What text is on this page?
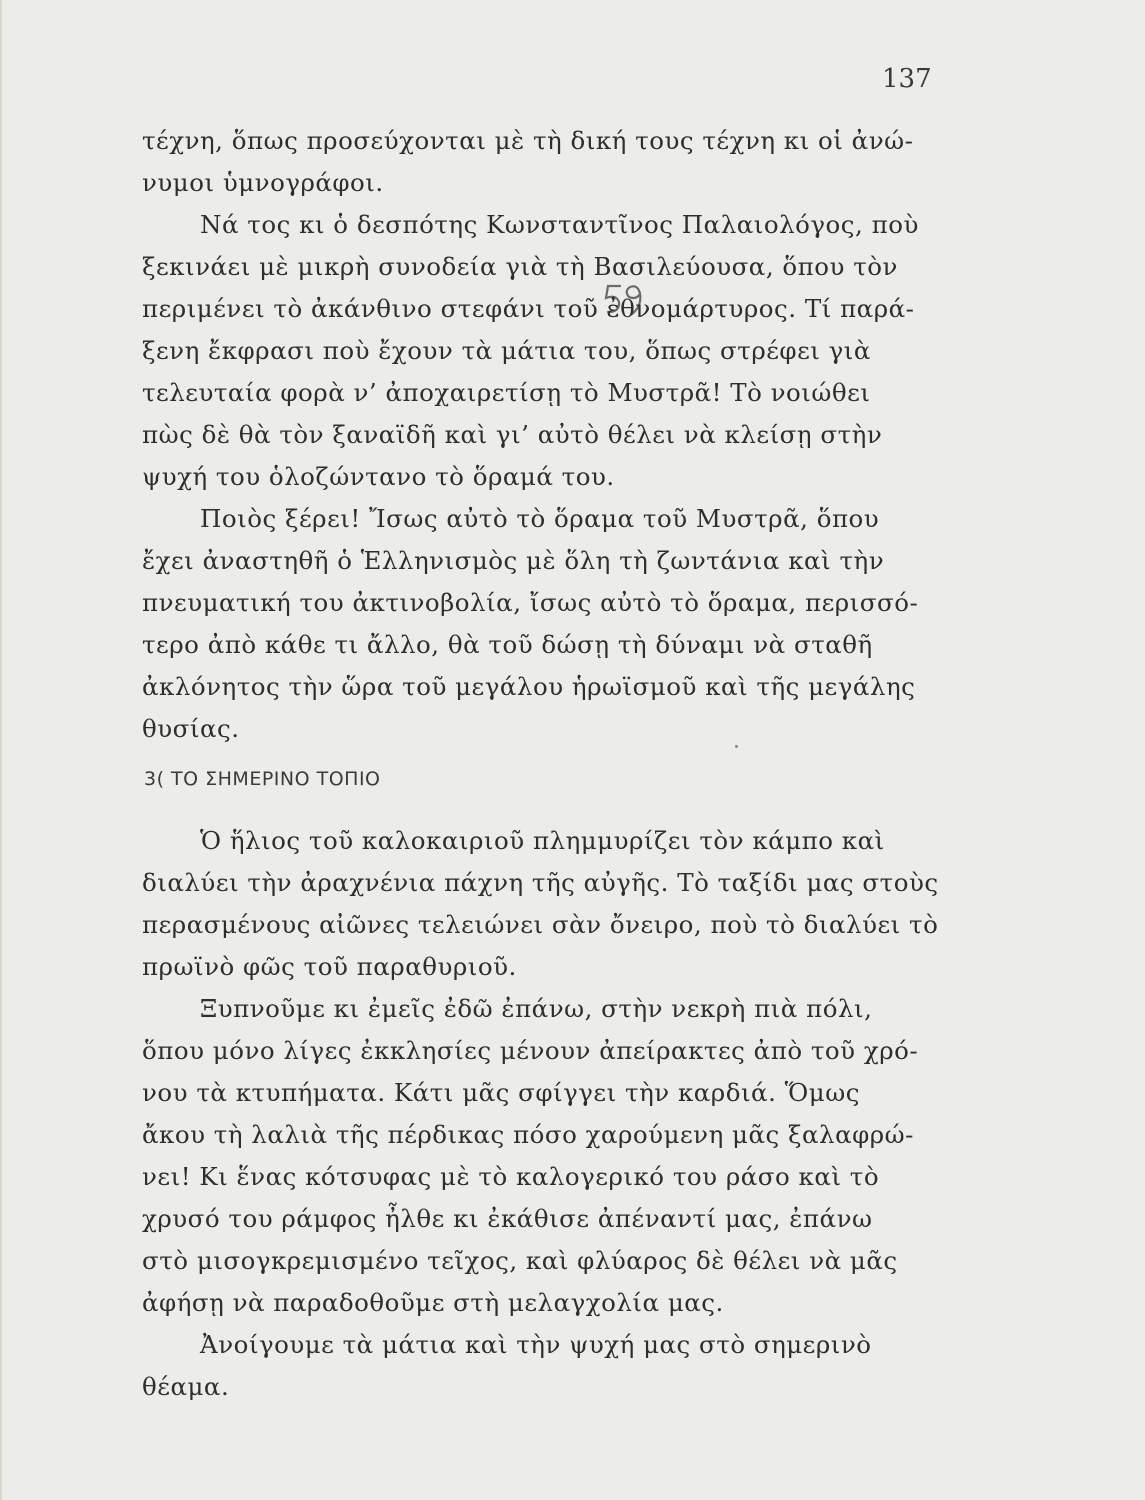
137
τέχνη, ὅπως προσεύχονται μὲ τὴ δική τους τέχνη κι οἱ ἀνώ-
νυμοι ὑμνογράφοι.
Νά τος κι ὁ δεσπότης Κωνσταντῖνος Παλαιολόγος, ποὺ
ξεκινάει μὲ μικρὴ συνοδεία γιὰ τὴ Βασιλεύουσα, ὅπου τὸν
περιμένει τὸ ἀκάνθινο στεφάνι τοῦ ἐθνομάρτυρος. Τί παρά-
ξενη ἔκφρασι ποὺ ἔχουν τὰ μάτια του, ὅπως στρέφει γιὰ
τελευταία φορὰ ν’ ἀποχαιρετίσῃ τὸ Μυστρᾶ! Τὸ νοιώθει
πὼς δὲ θὰ τὸν ξαναϊδῆ καὶ γι’ αὐτὸ θέλει νὰ κλείσῃ στὴν
ψυχή του ὁλοζώντανο τὸ ὅραμά του.
Ποιὸς ξέρει! Ἴσως αὐτὸ τὸ ὅραμα τοῦ Μυστρᾶ, ὅπου
ἔχει ἀναστηθῆ ὁ Ἑλληνισμὸς μὲ ὅλη τὴ ζωντάνια καὶ τὴν
πνευματική του ἀκτινοβολία, ἴσως αὐτὸ τὸ ὅραμα, περισσό-
τερο ἀπὸ κάθε τι ἄλλο, θὰ τοῦ δώσῃ τὴ δύναμι νὰ σταθῆ
ἀκλόνητος τὴν ὥρα τοῦ μεγάλου ἡρωϊσμοῦ καὶ τῆς μεγάλης
θυσίας.
3( ΤΟ ΣΗΜΕΡΙΝΟ ΤΟΠΙΟ
Ὁ ἥλιος τοῦ καλοκαιριοῦ πλημμυρίζει τὸν κάμπο καὶ
διαλύει τὴν ἀραχνένια πάχνη τῆς αὐγῆς. Τὸ ταξίδι μας στοὺς
περασμένους αἰῶνες τελειώνει σὰν ὄνειρο, ποὺ τὸ διαλύει τὸ
πρωϊνὸ φῶς τοῦ παραθυριοῦ.
Ξυπνοῦμε κι ἐμεῖς ἐδῶ ἐπάνω, στὴν νεκρὴ πιὰ πόλι,
ὅπου μόνο λίγες ἐκκλησίες μένουν ἀπείρακτες ἀπὸ τοῦ χρό-
νου τὰ κτυπήματα. Κάτι μᾶς σφίγγει τὴν καρδιά. Ὅμως
ἄκου τὴ λαλιὰ τῆς πέρδικας πόσο χαρούμενη μᾶς ξαλαφρώ-
νει! Κι ἕνας κότσυφας μὲ τὸ καλογερικό του ράσο καὶ τὸ
χρυσό του ράμφος ἦλθε κι ἐκάθισε ἀπέναντί μας, ἐπάνω
στὸ μισογκρεμισμένο τεῖχος, καὶ φλύαρος δὲ θέλει νὰ μᾶς
ἀφήσῃ νὰ παραδοθοῦμε στὴ μελαγχολία μας.
Ἀνοίγουμε τὰ μάτια καὶ τὴν ψυχή μας στὸ σημερινὸ
θέαμα.
